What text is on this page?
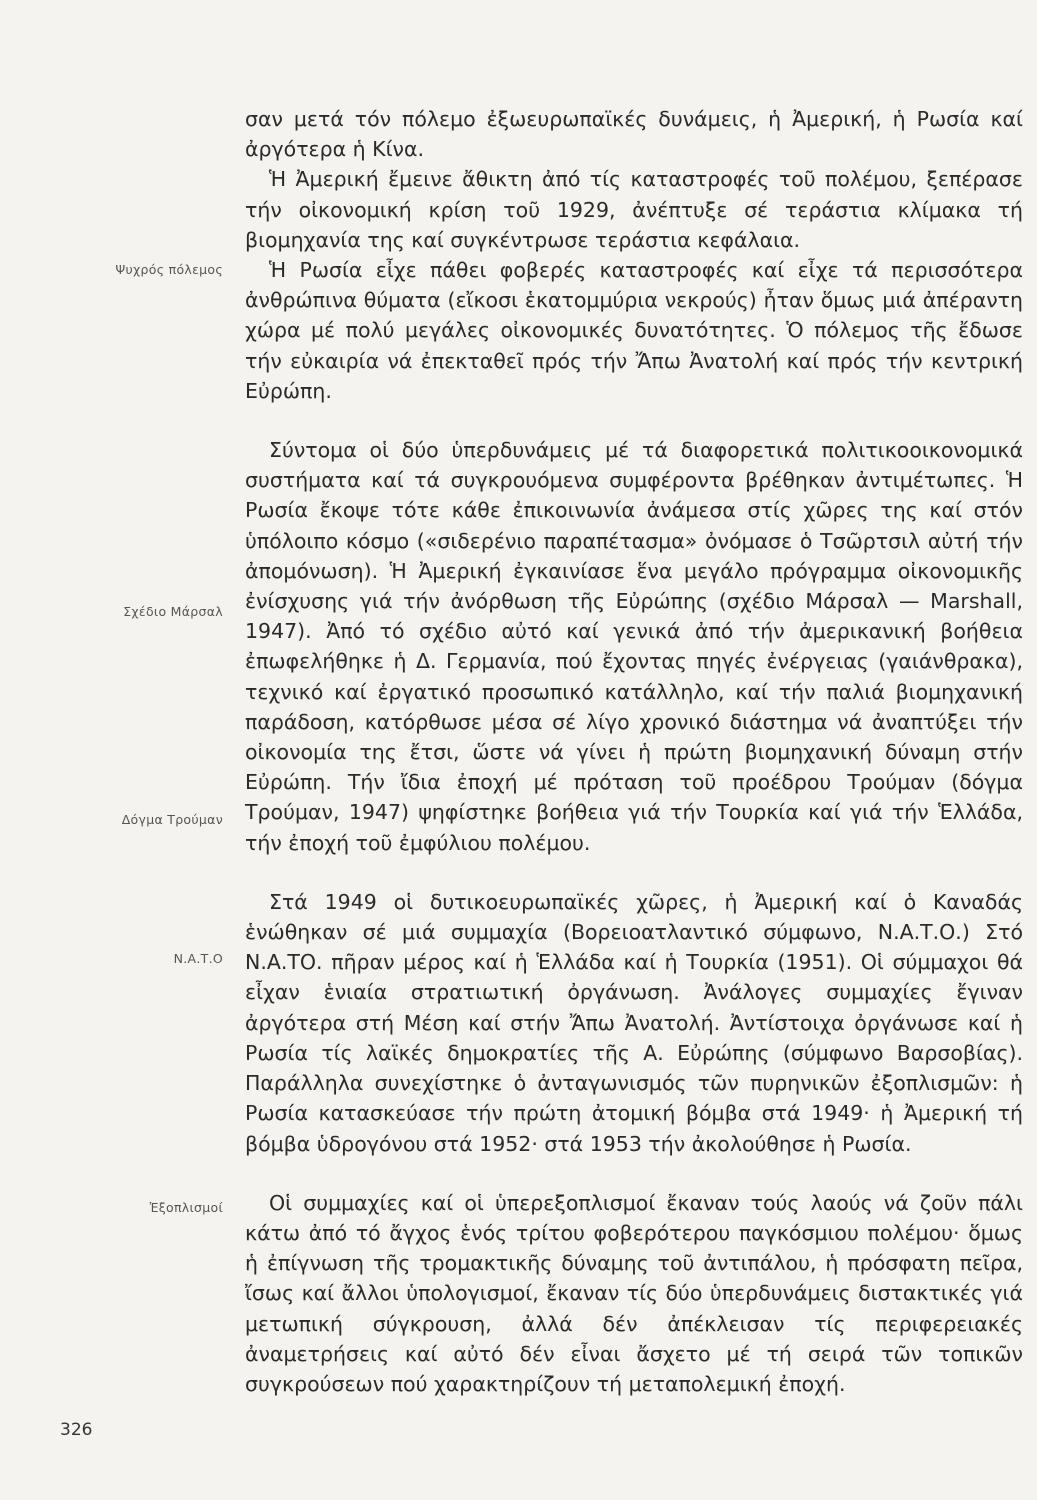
Ψυχρός πόλεμος
Σχέδιο Μάρσαλ
Δόγμα Τρούμαν
Ν.Α.Τ.Ο
Ἐξοπλισμοί

σαν μετά τόν πόλεμο ἐξωευρωπαϊκές δυνάμεις, ἡ Ἀμερική, ἡ Ρωσία καί ἀργότερα ἡ Κίνα.

Ἡ Ἀμερική ἔμεινε ἄθικτη ἀπό τίς καταστροφές τοῦ πολέμου, ξεπέρασε τήν οἰκονομική κρίση τοῦ 1929, ἀνέπτυξε σέ τεράστια κλίμακα τή βιομηχανία της καί συγκέντρωσε τεράστια κεφάλαια.

Ἡ Ρωσία εἶχε πάθει φοβερές καταστροφές καί εἶχε τά περισσότερα ἀνθρώπινα θύματα (εἴκοσι ἑκατομμύρια νεκρούς) ἦταν ὅμως μιά ἀπέραντη χώρα μέ πολύ μεγάλες οἰκονομικές δυνατότητες. Ὁ πόλεμος τῆς ἔδωσε τήν εὐκαιρία νά ἐπεκταθεῖ πρός τήν Ἄπω Ἀνατολή καί πρός τήν κεντρική Εὐρώπη.

Σύντομα οἱ δύο ὑπερδυνάμεις μέ τά διαφορετικά πολιτικοοικονομικά συστήματα καί τά συγκρουόμενα συμφέροντα βρέθηκαν ἀντιμέτωπες. Ἡ Ρωσία ἔκοψε τότε κάθε ἐπικοινωνία ἀνάμεσα στίς χῶρες της καί στόν ὑπόλοιπο κόσμο («σιδερένιο παραπέτασμα» ὀνόμασε ὁ Τσῶρτσιλ αὐτή τήν ἀπομόνωση). Ἡ Ἀμερική ἐγκαινίασε ἕνα μεγάλο πρόγραμμα οἰκονομικῆς ἐνίσχυσης γιά τήν ἀνόρθωση τῆς Εὐρώπης (σχέδιο Μάρσαλ — Marshall, 1947). Ἀπό τό σχέδιο αὐτό καί γενικά ἀπό τήν ἀμερικανική βοήθεια ἐπωφελήθηκε ἡ Δ. Γερμανία, πού ἔχοντας πηγές ἐνέργειας (γαιάνθρακα), τεχνικό καί ἐργατικό προσωπικό κατάλληλο, καί τήν παλιά βιομηχανική παράδοση, κατόρθωσε μέσα σέ λίγο χρονικό διάστημα νά ἀναπτύξει τήν οἰκονομία της ἔτσι, ὥστε νά γίνει ἡ πρώτη βιομηχανική δύναμη στήν Εὐρώπη. Τήν ἴδια ἐποχή μέ πρόταση τοῦ προέδρου Τρούμαν (δόγμα Τρούμαν, 1947) ψηφίστηκε βοήθεια γιά τήν Τουρκία καί γιά τήν Ἑλλάδα, τήν ἐποχή τοῦ ἐμφύλιου πολέμου.

Στά 1949 οἱ δυτικοευρωπαϊκές χῶρες, ἡ Ἀμερική καί ὁ Καναδάς ἑνώθηκαν σέ μιά συμμαχία (Βορειοατλαντικό σύμφωνο, Ν.Α.Τ.Ο.) Στό Ν.Α.ΤΟ. πῆραν μέρος καί ἡ Ἑλλάδα καί ἡ Τουρκία (1951). Οἱ σύμμαχοι θά εἶχαν ἑνιαία στρατιωτική ὀργάνωση. Ἀνάλογες συμμαχίες ἔγιναν ἀργότερα στή Μέση καί στήν Ἄπω Ἀνατολή. Ἀντίστοιχα ὀργάνωσε καί ἡ Ρωσία τίς λαϊκές δημοκρατίες τῆς Α. Εὐρώπης (σύμφωνο Βαρσοβίας). Παράλληλα συνεχίστηκε ὁ ἀνταγωνισμός τῶν πυρηνικῶν ἐξοπλισμῶν: ἡ Ρωσία κατασκεύασε τήν πρώτη ἀτομική βόμβα στά 1949· ἡ Ἀμερική τή βόμβα ὑδρογόνου στά 1952· στά 1953 τήν ἀκολούθησε ἡ Ρωσία.

Οἱ συμμαχίες καί οἱ ὑπερεξοπλισμοί ἔκαναν τούς λαούς νά ζοῦν πάλι κάτω ἀπό τό ἄγχος ἑνός τρίτου φοβερότερου παγκόσμιου πολέμου· ὅμως ἡ ἐπίγνωση τῆς τρομακτικῆς δύναμης τοῦ ἀντιπάλου, ἡ πρόσφατη πεῖρα, ἴσως καί ἄλλοι ὑπολογισμοί, ἔκαναν τίς δύο ὑπερδυνάμεις διστακτικές γιά μετωπική σύγκρουση, ἀλλά δέν ἀπέκλεισαν τίς περιφερειακές ἀναμετρήσεις καί αὐτό δέν εἶναι ἄσχετο μέ τή σειρά τῶν τοπικῶν συγκρούσεων πού χαρακτηρίζουν τή μεταπολεμική ἐποχή.

326
